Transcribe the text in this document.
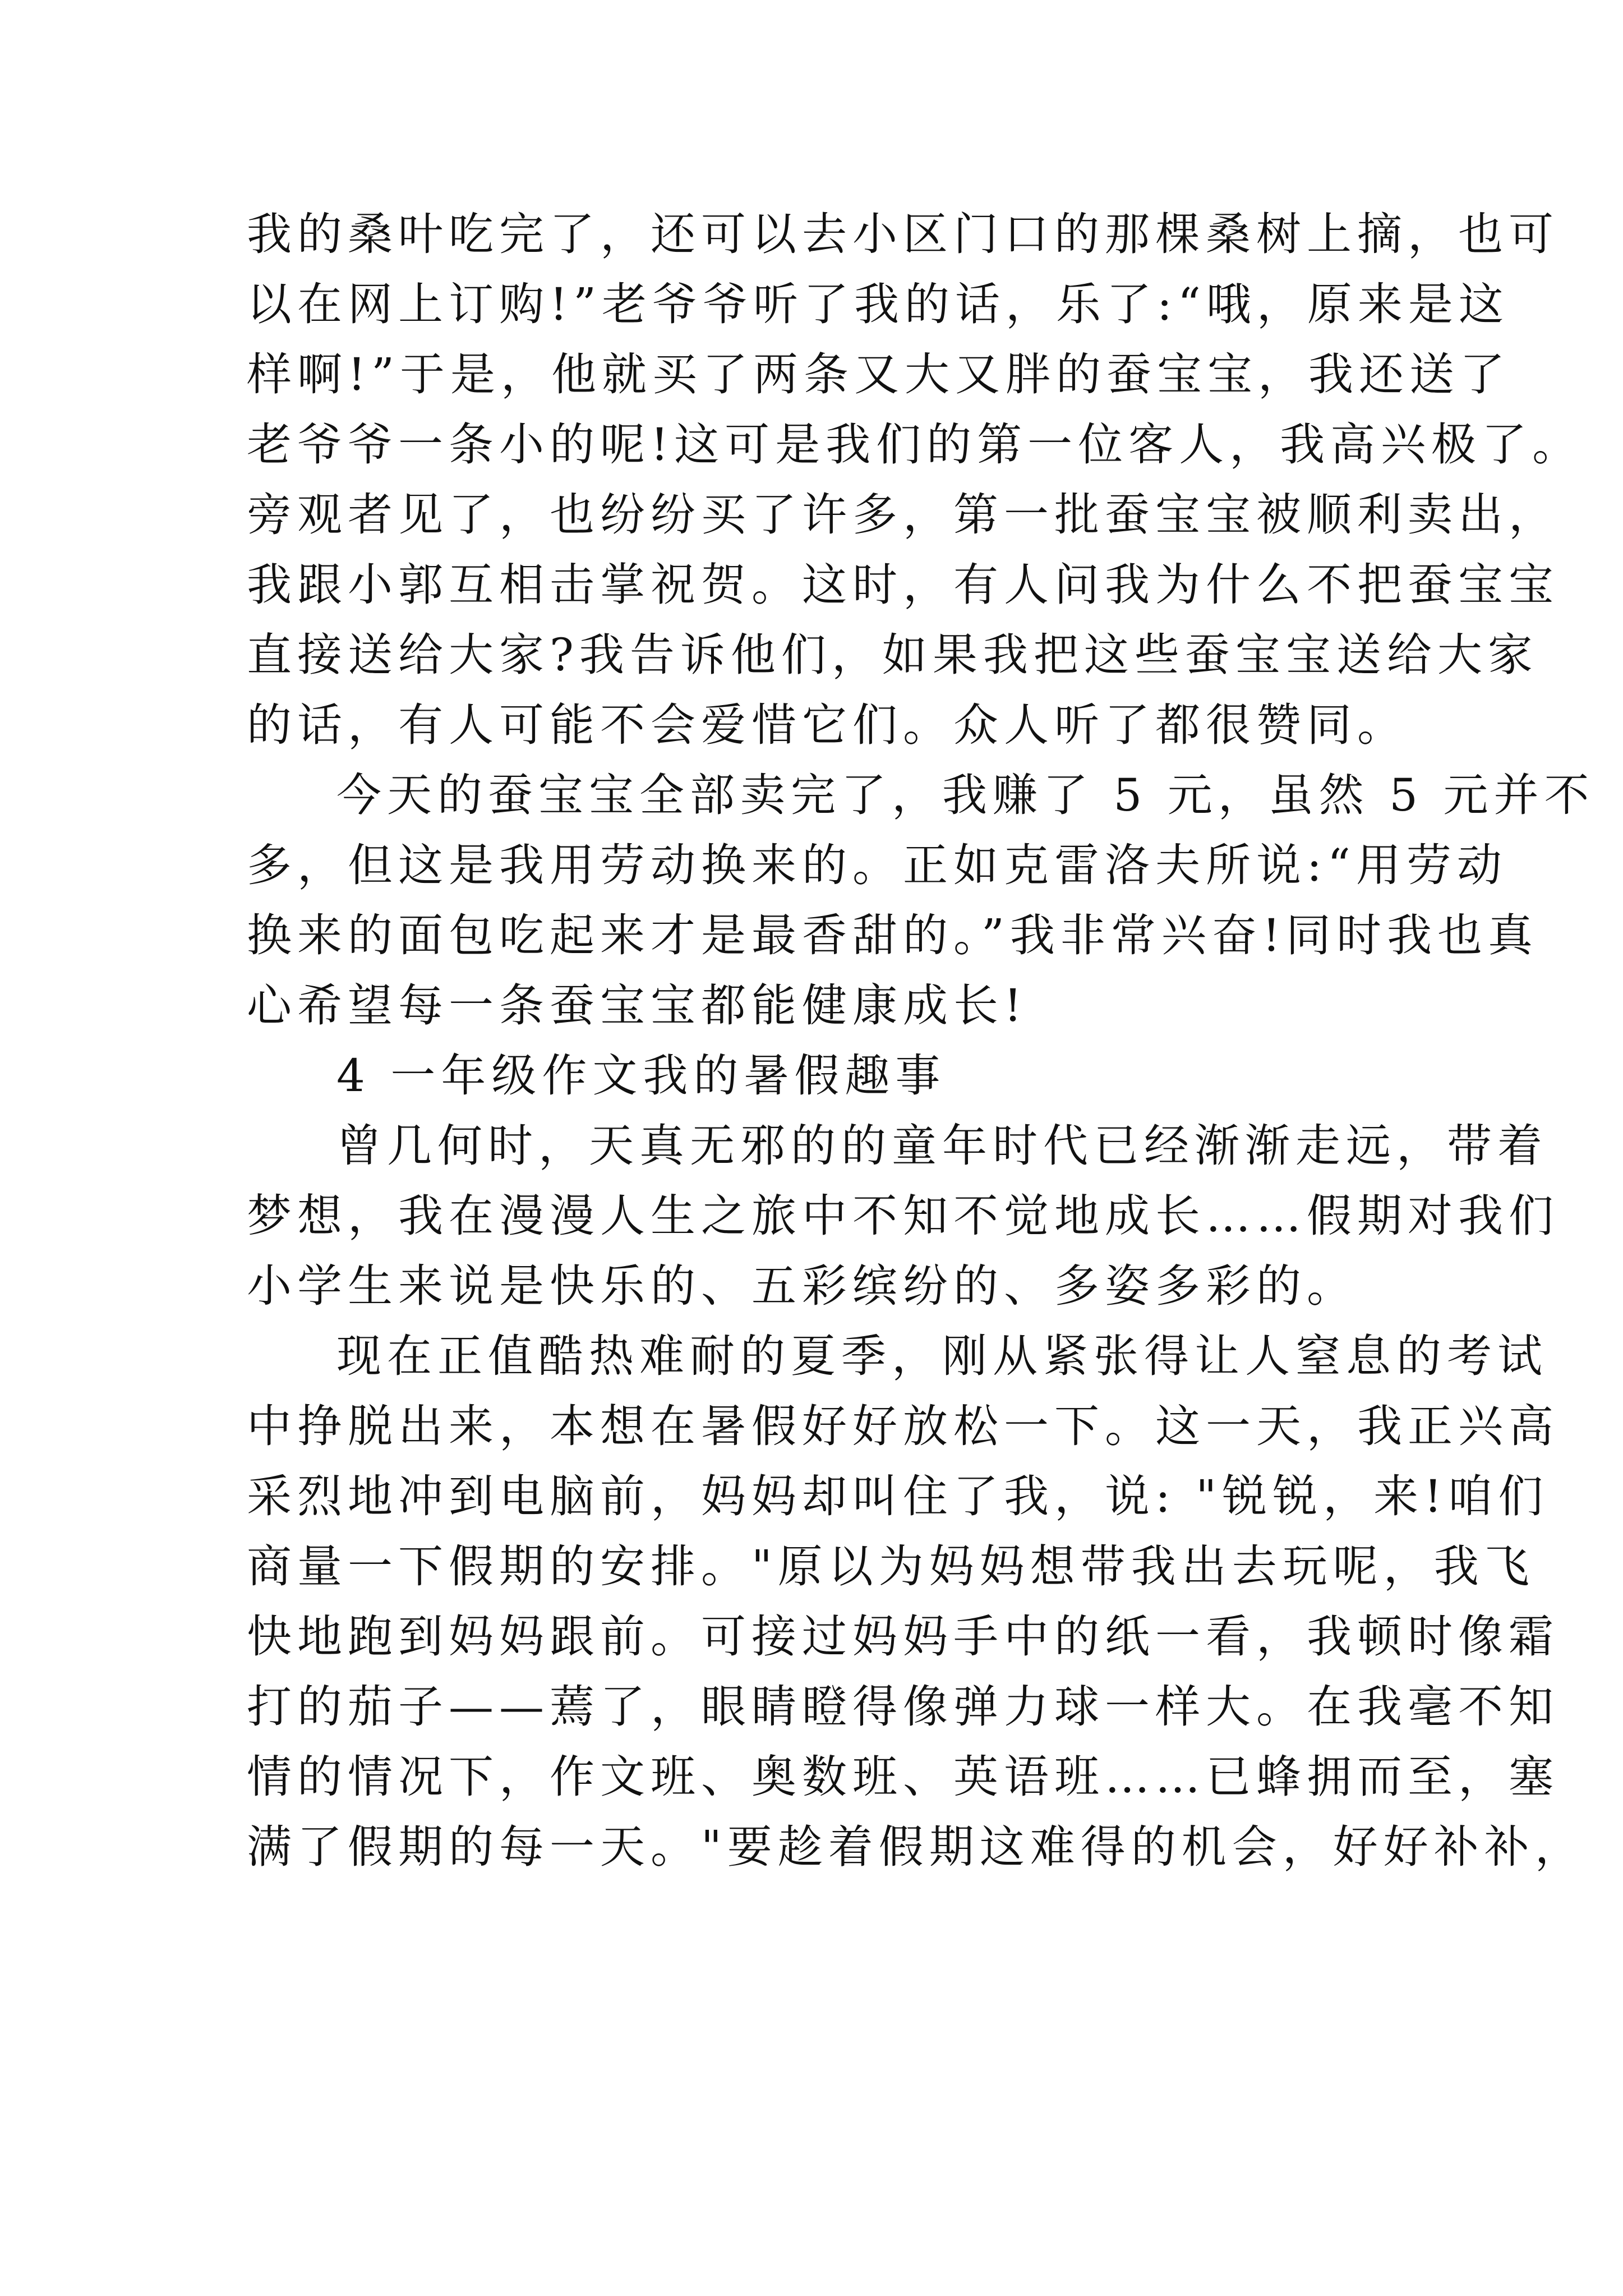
我的桑叶吃完了，还可以去小区门口的那棵桑树上摘，也可
以在网上订购!”老爷爷听了我的话，乐了:“哦，原来是这
样啊!”于是，他就买了两条又大又胖的蚕宝宝，我还送了
老爷爷一条小的呢!这可是我们的第一位客人，我高兴极了。
旁观者见了，也纷纷买了许多，第一批蚕宝宝被顺利卖出，
我跟小郭互相击掌祝贺。这时，有人问我为什么不把蚕宝宝
直接送给大家?我告诉他们，如果我把这些蚕宝宝送给大家
的话，有人可能不会爱惜它们。众人听了都很赞同。
今天的蚕宝宝全部卖完了，我赚了 5 元，虽然 5 元并不
多，但这是我用劳动换来的。正如克雷洛夫所说:“用劳动
换来的面包吃起来才是最香甜的。”我非常兴奋!同时我也真
心希望每一条蚕宝宝都能健康成长!
4 一年级作文我的暑假趣事
曾几何时，天真无邪的的童年时代已经渐渐走远，带着
梦想，我在漫漫人生之旅中不知不觉地成长……假期对我们
小学生来说是快乐的、五彩缤纷的、多姿多彩的。
现在正值酷热难耐的夏季，刚从紧张得让人窒息的考试
中挣脱出来，本想在暑假好好放松一下。这一天，我正兴高
采烈地冲到电脑前，妈妈却叫住了我，说: "锐锐，来!咱们
商量一下假期的安排。"原以为妈妈想带我出去玩呢，我飞
快地跑到妈妈跟前。可接过妈妈手中的纸一看，我顿时像霜
打的茄子——蔫了，眼睛瞪得像弹力球一样大。在我毫不知
情的情况下，作文班、奥数班、英语班……已蜂拥而至，塞
满了假期的每一天。"要趁着假期这难得的机会，好好补补，
